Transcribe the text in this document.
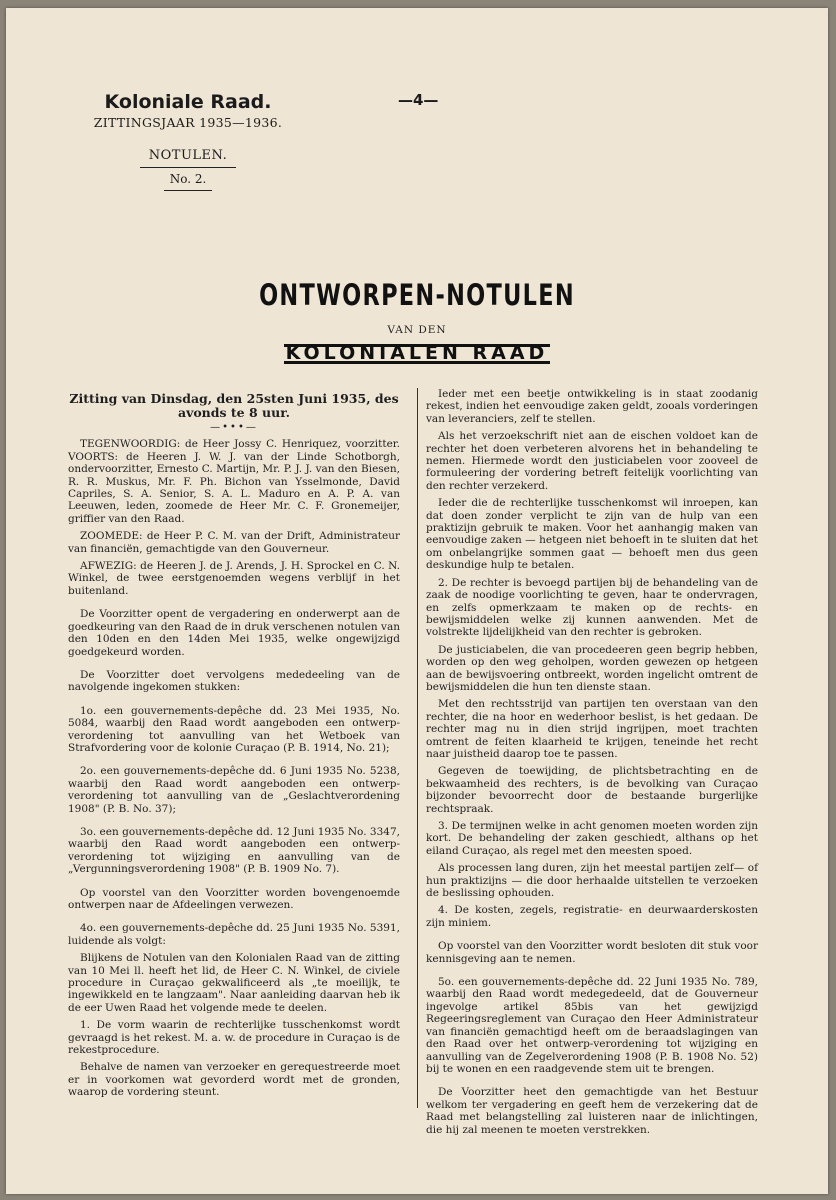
Koloniale Raad.
ZITTINGSJAAR 1935—1936.
NOTULEN.
No. 2.
—4—
ONTWORPEN-NOTULEN
VAN DEN
KOLONIALEN RAAD

Zitting van Dinsdag, den 25sten Juni 1935, des avonds te 8 uur.

—•••—

TEGENWOORDIG: de Heer Jossy C. Henriquez, voorzitter. VOORTS: de Heeren J. W. J. van der Linde Schotborgh, ondervoorzitter, Ernesto C. Martijn, Mr. P. J. J. van den Biesen, R. R. Muskus, Mr. F. Ph. Bichon van Ysselmonde, David Capriles, S. A. Senior, S. A. L. Maduro en A. P. A. van Leeuwen, leden, zoomede de Heer Mr. C. F. Gronemeijer, griffier van den Raad.

ZOOMEDE: de Heer P. C. M. van der Drift, Administrateur van financiën, gemachtigde van den Gouverneur.

AFWEZIG: de Heeren J. de J. Arends, J. H. Sprockel en C. N. Winkel, de twee eerstgenoemden wegens verblijf in het buitenland.

De Voorzitter opent de vergadering en onderwerpt aan de goedkeuring van den Raad de in druk verschenen notulen van den 10den en den 14den Mei 1935, welke ongewijzigd goedgekeurd worden.

De Voorzitter doet vervolgens mededeeling van de navolgende ingekomen stukken:

1o. een gouvernements-depêche dd. 23 Mei 1935, No. 5084, waarbij den Raad wordt aangeboden een ontwerp-verordening tot aanvulling van het Wetboek van Strafvordering voor de kolonie Curaçao (P. B. 1914, No. 21);

2o. een gouvernements-depêche dd. 6 Juni 1935 No. 5238, waarbij den Raad wordt aangeboden een ontwerp-verordening tot aanvulling van de „Geslachtverordening 1908" (P. B. No. 37);

3o. een gouvernements-depêche dd. 12 Juni 1935 No. 3347, waarbij den Raad wordt aangeboden een ontwerp-verordening tot wijziging en aanvulling van de „Vergunningsverordening 1908" (P. B. 1909 No. 7).

Op voorstel van den Voorzitter worden bovengenoemde ontwerpen naar de Afdeelingen verwezen.

4o. een gouvernements-depêche dd. 25 Juni 1935 No. 5391, luidende als volgt:

Blijkens de Notulen van den Kolonialen Raad van de zitting van 10 Mei ll. heeft het lid, de Heer C. N. Winkel, de civiele procedure in Curaçao gekwalificeerd als „te moeilijk, te ingewikkeld en te langzaam". Naar aanleiding daarvan heb ik de eer Uwen Raad het volgende mede te deelen.

1. De vorm waarin de rechterlijke tusschenkomst wordt gevraagd is het rekest. M. a. w. de procedure in Curaçao is de rekestprocedure.

Behalve de namen van verzoeker en gerequestreerde moet er in voorkomen wat gevorderd wordt met de gronden, waarop de vordering steunt.

Ieder met een beetje ontwikkeling is in staat zoodanig rekest, indien het eenvoudige zaken geldt, zooals vorderingen van leveranciers, zelf te stellen.

Als het verzoekschrift niet aan de eischen voldoet kan de rechter het doen verbeteren alvorens het in behandeling te nemen. Hiermede wordt den justiciabelen voor zooveel de formuleering der vordering betreft feitelijk voorlichting van den rechter verzekerd.

Ieder die de rechterlijke tusschenkomst wil inroepen, kan dat doen zonder verplicht te zijn van de hulp van een praktizijn gebruik te maken. Voor het aanhangig maken van eenvoudige zaken — hetgeen niet behoeft in te sluiten dat het om onbelangrijke sommen gaat — behoeft men dus geen deskundige hulp te betalen.

2. De rechter is bevoegd partijen bij de behandeling van de zaak de noodige voorlichting te geven, haar te ondervragen, en zelfs opmerkzaam te maken op de rechts- en bewijsmiddelen welke zij kunnen aanwenden. Met de volstrekte lijdelijkheid van den rechter is gebroken.

De justiciabelen, die van procedeeren geen begrip hebben, worden op den weg geholpen, worden gewezen op hetgeen aan de bewijsvoering ontbreekt, worden ingelicht omtrent de bewijsmiddelen die hun ten dienste staan.

Met den rechtsstrijd van partijen ten overstaan van den rechter, die na hoor en wederhoor beslist, is het gedaan. De rechter mag nu in dien strijd ingrijpen, moet trachten omtrent de feiten klaarheid te krijgen, teneinde het recht naar juistheid daarop toe te passen.

Gegeven de toewijding, de plichtsbetrachting en de bekwaamheid des rechters, is de bevolking van Curaçao bijzonder bevoorrecht door de bestaande burgerlijke rechtspraak.

3. De termijnen welke in acht genomen moeten worden zijn kort. De behandeling der zaken geschiedt, althans op het eiland Curaçao, als regel met den meesten spoed.

Als processen lang duren, zijn het meestal partijen zelf— of hun praktizijns — die door herhaalde uitstellen te verzoeken de beslissing ophouden.

4. De kosten, zegels, registratie- en deurwaarderskosten zijn miniem.

Op voorstel van den Voorzitter wordt besloten dit stuk voor kennisgeving aan te nemen.

5o. een gouvernements-depêche dd. 22 Juni 1935 No. 789, waarbij den Raad wordt medegedeeld, dat de Gouverneur ingevolge artikel 85bis van het gewijzigd Regeeringsreglement van Curaçao den Heer Administrateur van financiën gemachtigd heeft om de beraadslagingen van den Raad over het ontwerp-verordening tot wijziging en aanvulling van de Zegelverordening 1908 (P. B. 1908 No. 52) bij te wonen en een raadgevende stem uit te brengen.

De Voorzitter heet den gemachtigde van het Bestuur welkom ter vergadering en geeft hem de verzekering dat de Raad met belangstelling zal luisteren naar de inlichtingen, die hij zal meenen te moeten verstrekken.
